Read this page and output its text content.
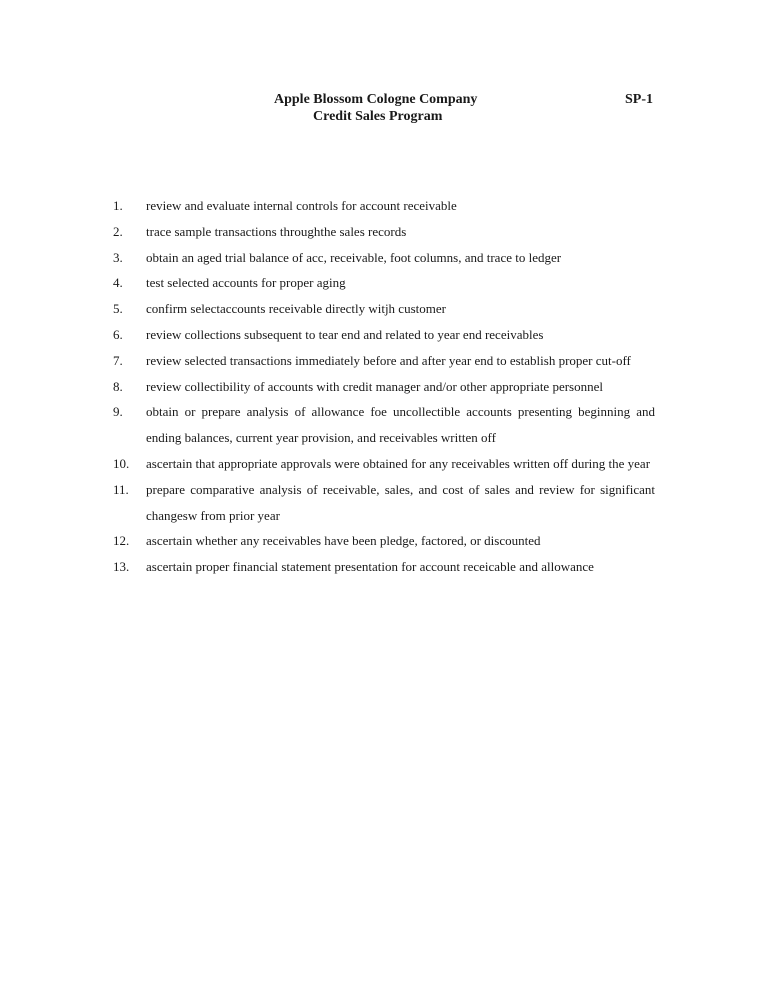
Apple Blossom Cologne Company	SP-1
Credit Sales Program
1.	review and evaluate internal controls for account receivable
2.	trace sample transactions throughthe sales records
3.	obtain an aged trial balance of acc, receivable, foot columns, and trace to ledger
4.	test selected accounts for proper aging
5.	confirm selectaccounts receivable directly witjh customer
6.	review collections subsequent to tear end and related to year end receivables
7.	review selected transactions immediately before and after year end to establish proper cut-off
8.	review collectibility of accounts with credit manager and/or other appropriate personnel
9.	obtain or prepare analysis of allowance foe uncollectible accounts presenting beginning and ending balances, current year provision, and receivables written off
10.	ascertain that appropriate approvals were obtained for any receivables written off during the year
11.	prepare comparative analysis of receivable, sales, and cost of sales and review for significant changesw from prior year
12.	ascertain whether any receivables have been pledge, factored, or discounted
13.	ascertain proper financial statement presentation for account receicable and allowance
